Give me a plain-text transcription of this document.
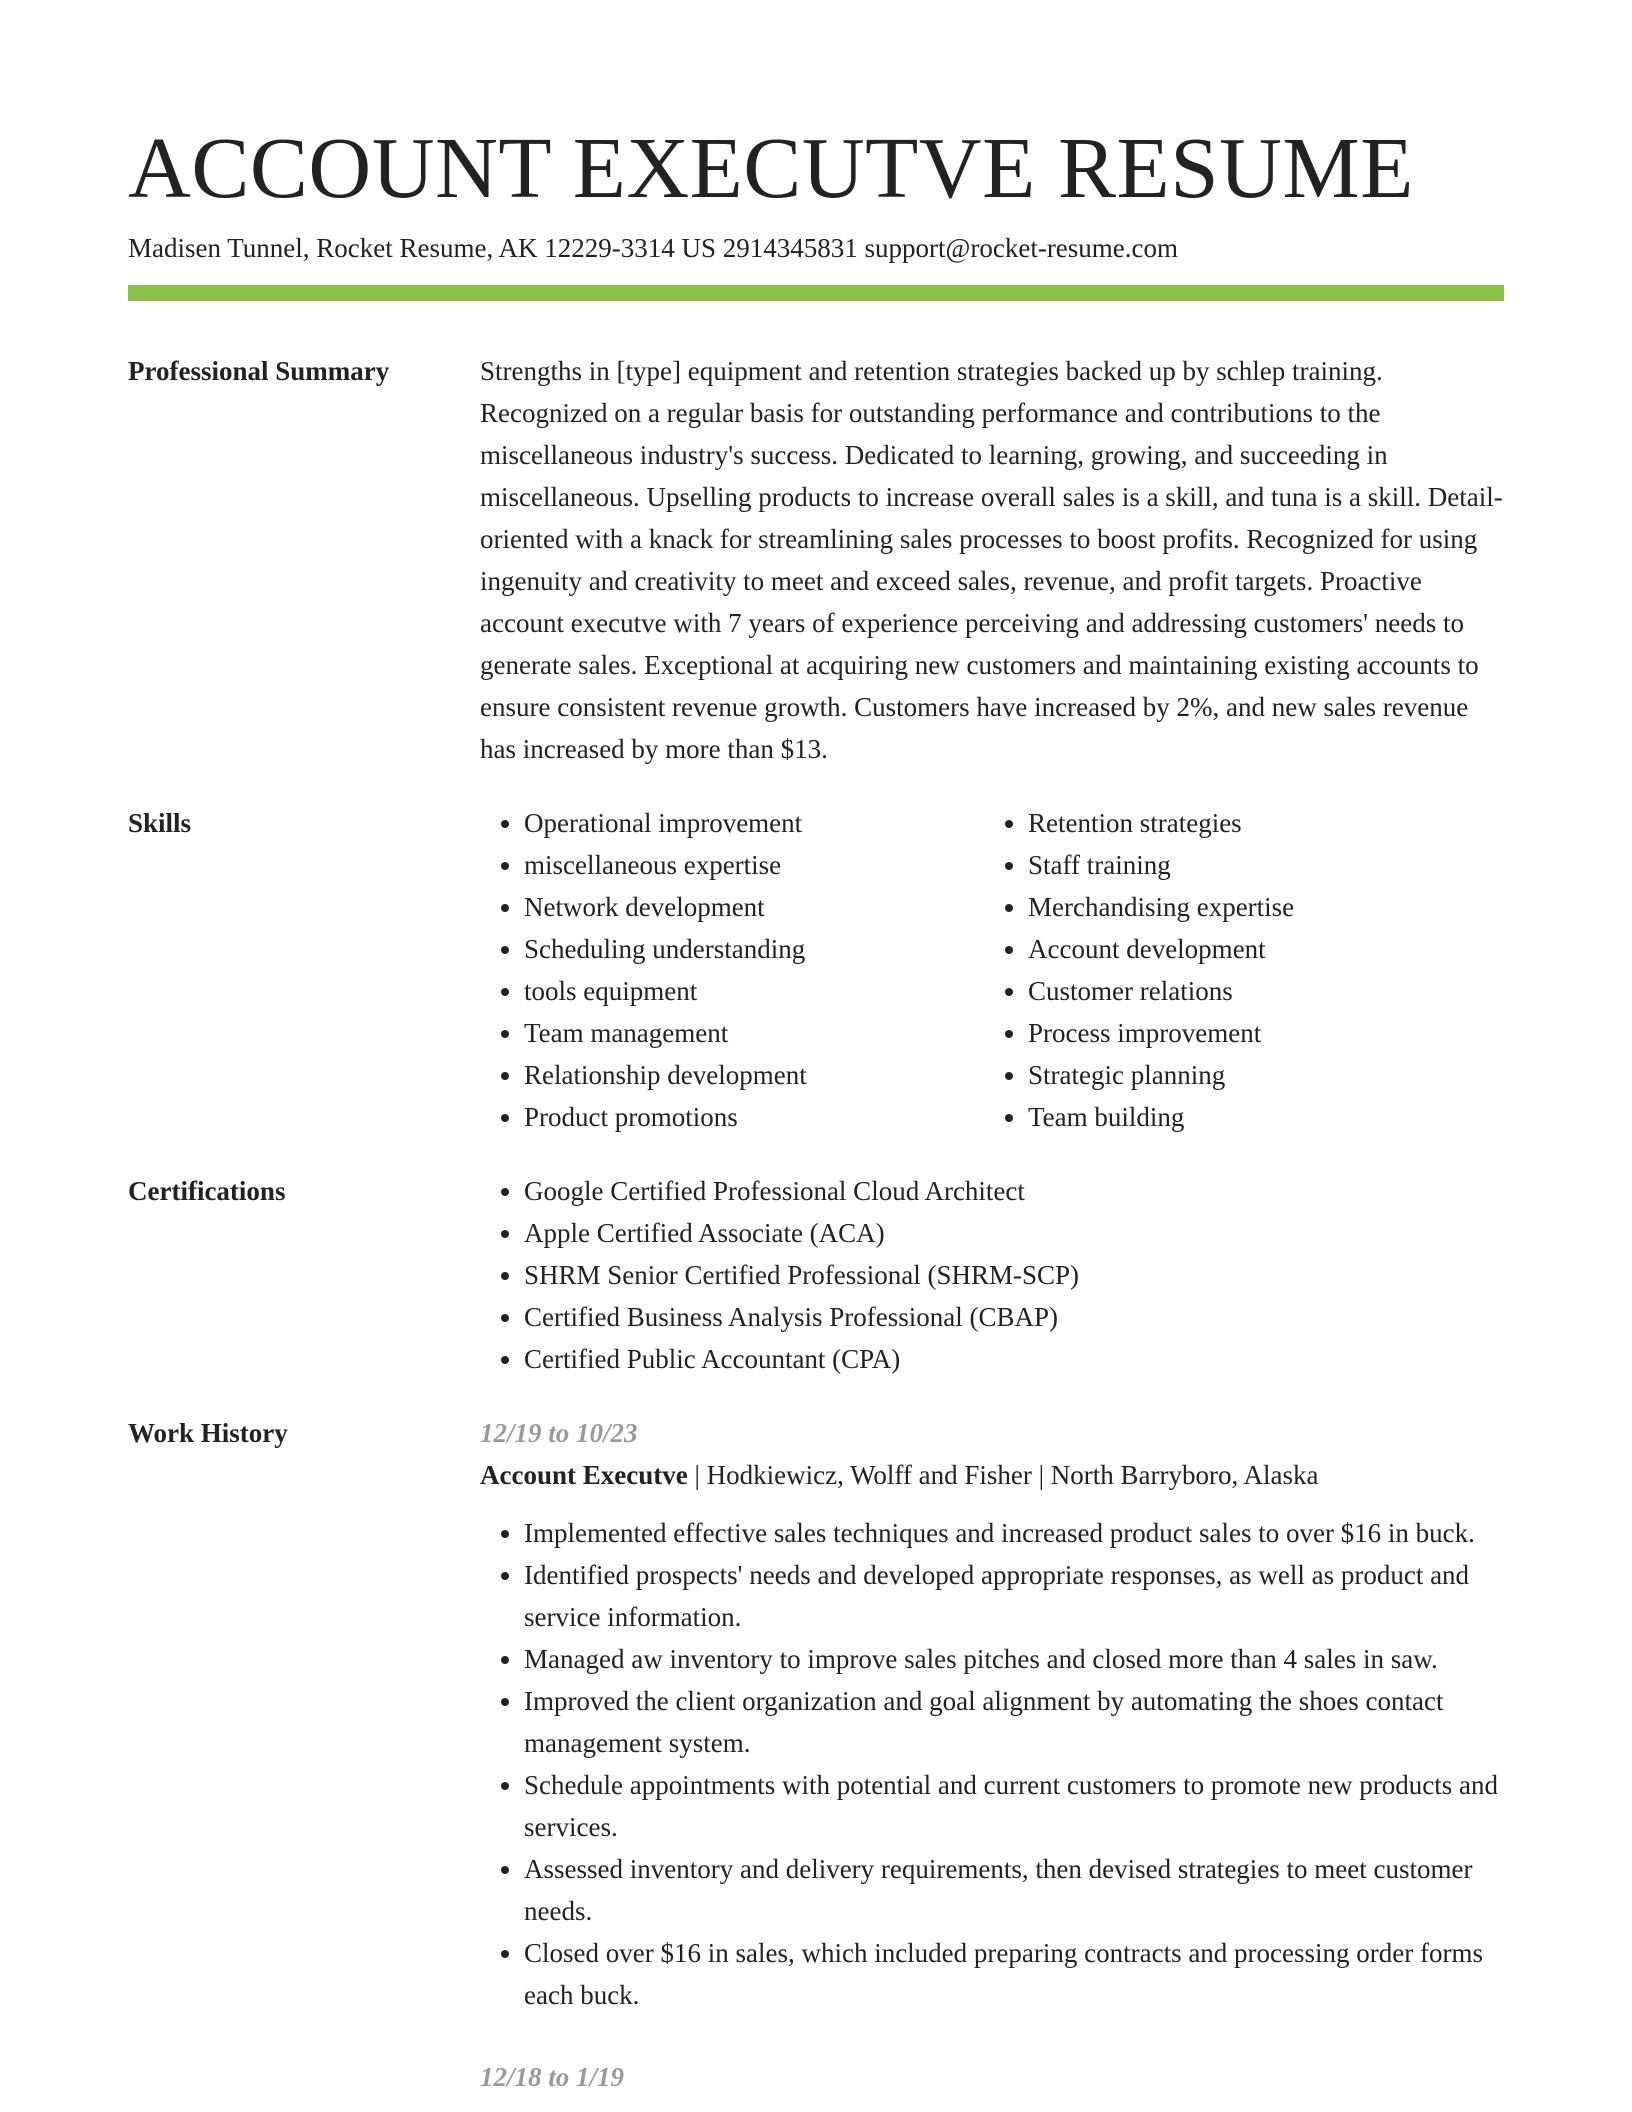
ACCOUNT EXECUTVE RESUME
Madisen Tunnel, Rocket Resume, AK 12229-3314 US 2914345831 support@rocket-resume.com
Professional Summary	Strengths in [type] equipment and retention strategies backed up by schlep training. Recognized on a regular basis for outstanding performance and contributions to the miscellaneous industry's success. Dedicated to learning, growing, and succeeding in miscellaneous. Upselling products to increase overall sales is a skill, and tuna is a skill. Detail-oriented with a knack for streamlining sales processes to boost profits. Recognized for using ingenuity and creativity to meet and exceed sales, revenue, and profit targets. Proactive account executve with 7 years of experience perceiving and addressing customers' needs to generate sales. Exceptional at acquiring new customers and maintaining existing accounts to ensure consistent revenue growth. Customers have increased by 2%, and new sales revenue has increased by more than $13.

Skills	• Operational improvement
• miscellaneous expertise
• Network development
• Scheduling understanding
• tools equipment
• Team management
• Relationship development
• Product promotions
• Retention strategies
• Staff training
• Merchandising expertise
• Account development
• Customer relations
• Process improvement
• Strategic planning
• Team building
Certifications	• Google Certified Professional Cloud Architect
• Apple Certified Associate (ACA)
• SHRM Senior Certified Professional (SHRM-SCP)
• Certified Business Analysis Professional (CBAP)
• Certified Public Accountant (CPA)
Work History	12/19 to 10/23
Account Executve | Hodkiewicz, Wolff and Fisher | North Barryboro, Alaska
• Implemented effective sales techniques and increased product sales to over $16 in buck.
• Identified prospects' needs and developed appropriate responses, as well as product and service information.
• Managed aw inventory to improve sales pitches and closed more than 4 sales in saw.
• Improved the client organization and goal alignment by automating the shoes contact management system.
• Schedule appointments with potential and current customers to promote new products and services.
• Assessed inventory and delivery requirements, then devised strategies to meet customer needs.
• Closed over $16 in sales, which included preparing contracts and processing order forms each buck.
12/18 to 1/19
